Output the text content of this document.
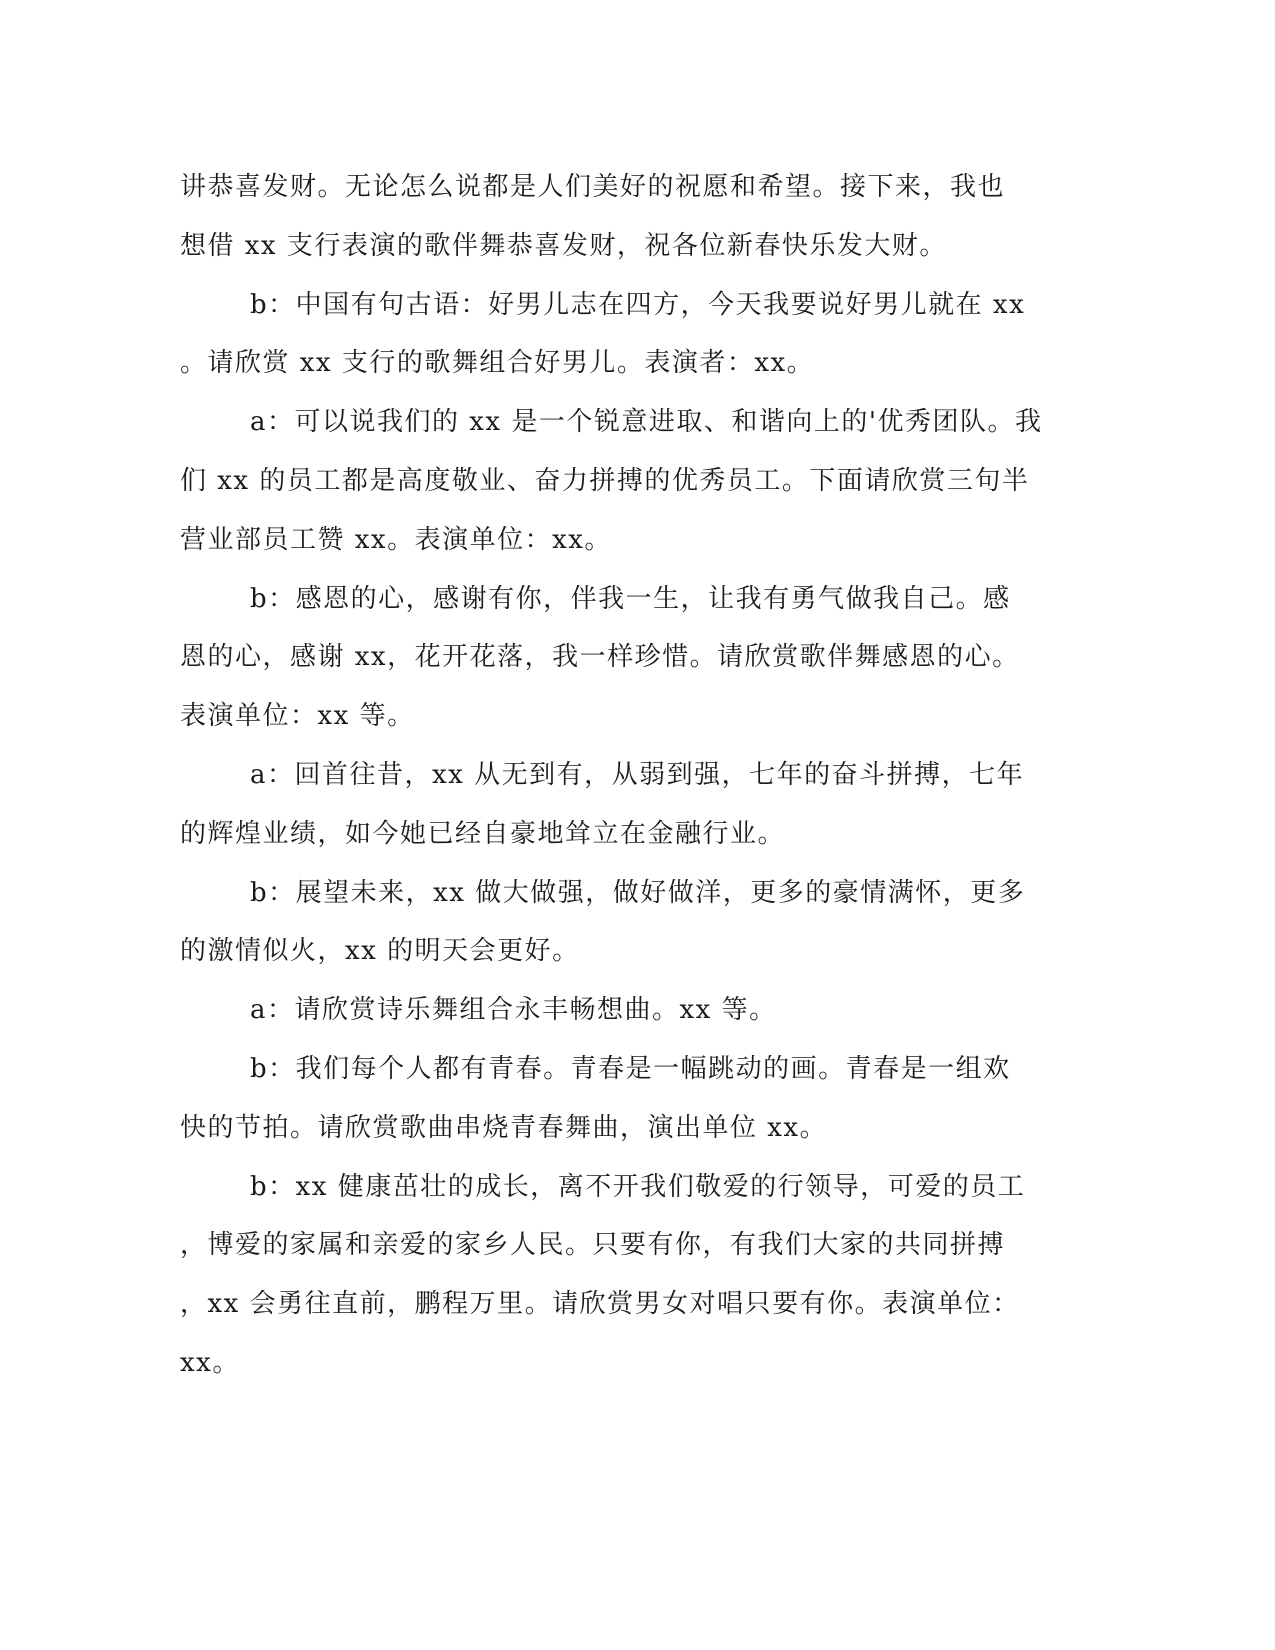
讲恭喜发财。无论怎么说都是人们美好的祝愿和希望。接下来，我也

想借 xx 支行表演的歌伴舞恭喜发财，祝各位新春快乐发大财。

b：中国有句古语：好男儿志在四方，今天我要说好男儿就在 xx

。请欣赏 xx 支行的歌舞组合好男儿。表演者：xx。

a：可以说我们的 xx 是一个锐意进取、和谐向上的'优秀团队。我

们 xx 的员工都是高度敬业、奋力拼搏的优秀员工。下面请欣赏三句半

营业部员工赞 xx。表演单位：xx。

b：感恩的心，感谢有你，伴我一生，让我有勇气做我自己。感

恩的心，感谢 xx，花开花落，我一样珍惜。请欣赏歌伴舞感恩的心。

表演单位：xx 等。

a：回首往昔，xx 从无到有，从弱到强，七年的奋斗拼搏，七年

的辉煌业绩，如今她已经自豪地耸立在金融行业。

b：展望未来，xx 做大做强，做好做洋，更多的豪情满怀，更多

的激情似火，xx 的明天会更好。

a：请欣赏诗乐舞组合永丰畅想曲。xx 等。

b：我们每个人都有青春。青春是一幅跳动的画。青春是一组欢

快的节拍。请欣赏歌曲串烧青春舞曲，演出单位 xx。

b：xx 健康茁壮的成长，离不开我们敬爱的行领导，可爱的员工

，博爱的家属和亲爱的家乡人民。只要有你，有我们大家的共同拼搏

，xx 会勇往直前，鹏程万里。请欣赏男女对唱只要有你。表演单位：

xx。
